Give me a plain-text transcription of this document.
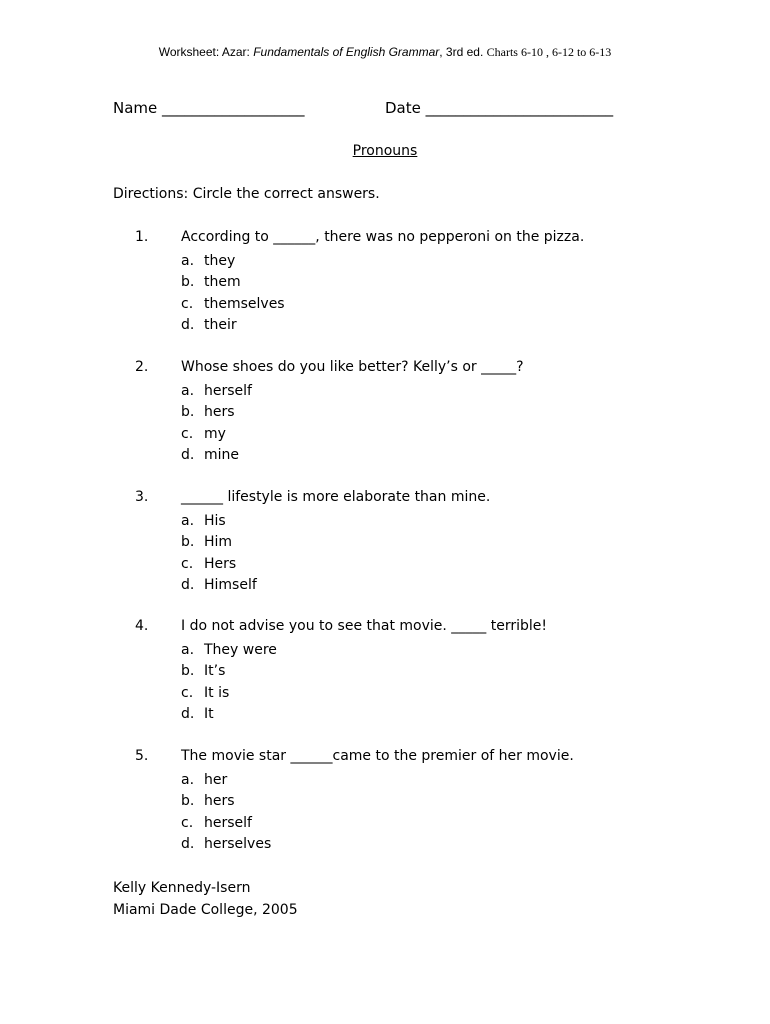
Worksheet: Azar: Fundamentals of English Grammar, 3rd ed. Charts 6-10 , 6-12 to 6-13
Name ___________________	Date _________________________
Pronouns
Directions: Circle the correct answers.
1. According to ______, there was no pepperoni on the pizza.
a. they
b. them
c. themselves
d. their
2. Whose shoes do you like better? Kelly’s or _____?
a. herself
b. hers
c. my
d. mine
3. ______ lifestyle is more elaborate than mine.
a. His
b. Him
c. Hers
d. Himself
4. I do not advise you to see that movie. _____ terrible!
a. They were
b. It’s
c. It is
d. It
5. The movie star ______came to the premier of her movie.
a. her
b. hers
c. herself
d. herselves
Kelly Kennedy-Isern
Miami Dade College, 2005
